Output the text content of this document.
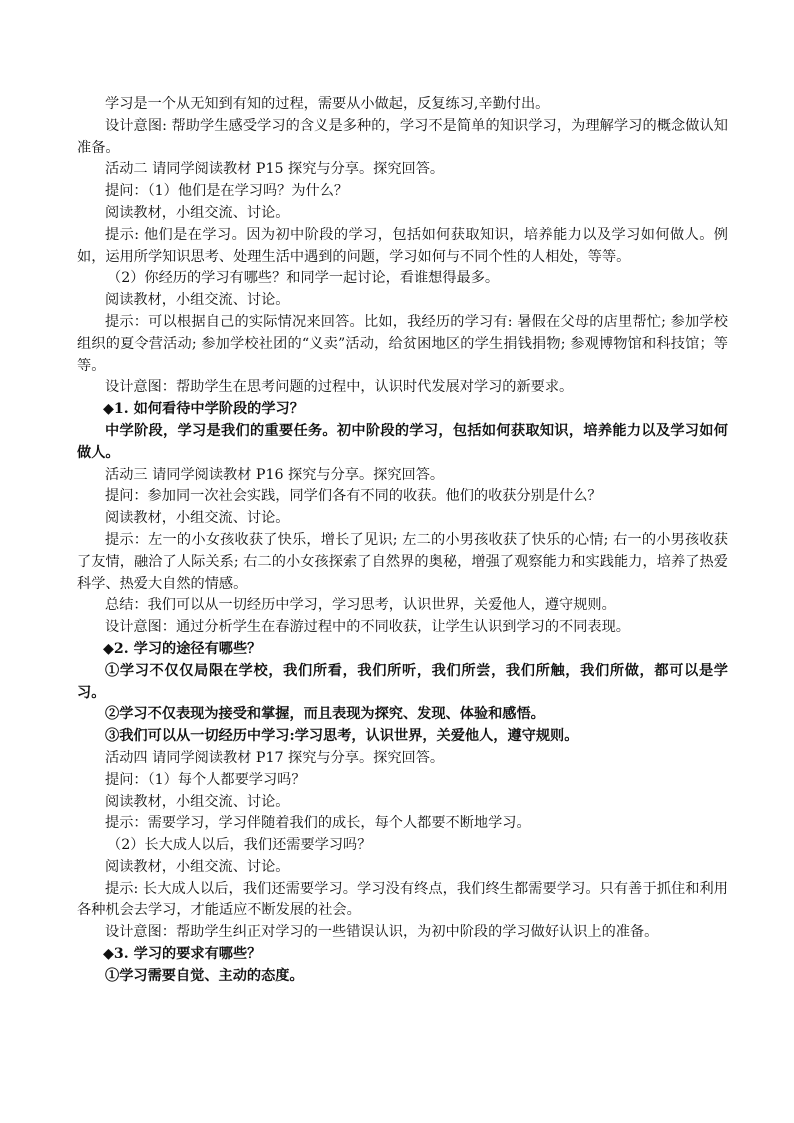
学习是一个从无知到有知的过程，需要从小做起，反复练习,辛勤付出。

设计意图: 帮助学生感受学习的含义是多种的，学习不是简单的知识学习，为理解学习的概念做认知准备。

活动二 请同学阅读教材 P15 探究与分享。探究回答。

提问：（1）他们是在学习吗？为什么？

阅读教材，小组交流、讨论。

提示: 他们是在学习。因为初中阶段的学习，包括如何获取知识，培养能力以及学习如何做人。例如，运用所学知识思考、处理生活中遇到的问题，学习如何与不同个性的人相处，等等。

（2）你经历的学习有哪些？和同学一起讨论，看谁想得最多。

阅读教材，小组交流、讨论。

提示：可以根据自己的实际情况来回答。比如，我经历的学习有: 暑假在父母的店里帮忙; 参加学校组织的夏令营活动; 参加学校社团的“义卖”活动，给贫困地区的学生捐钱捐物; 参观博物馆和科技馆；等等。

设计意图：帮助学生在思考问题的过程中，认识时代发展对学习的新要求。

◆1. 如何看待中学阶段的学习？

中学阶段，学习是我们的重要任务。初中阶段的学习，包括如何获取知识，培养能力以及学习如何做人。

活动三 请同学阅读教材 P16 探究与分享。探究回答。

提问：参加同一次社会实践，同学们各有不同的收获。他们的收获分别是什么？

阅读教材，小组交流、讨论。

提示：左一的小女孩收获了快乐，增长了见识; 左二的小男孩收获了快乐的心情; 右一的小男孩收获了友情，融洽了人际关系; 右二的小女孩探索了自然界的奥秘，增强了观察能力和实践能力，培养了热爱科学、热爱大自然的情感。

总结：我们可以从一切经历中学习，学习思考，认识世界，关爱他人，遵守规则。

设计意图：通过分析学生在春游过程中的不同收获，让学生认识到学习的不同表现。

◆2. 学习的途径有哪些？

①学习不仅仅局限在学校，我们所看，我们所听，我们所尝，我们所触，我们所做，都可以是学习。

②学习不仅表现为接受和掌握，而且表现为探究、发现、体验和感悟。

③我们可以从一切经历中学习:学习思考，认识世界，关爱他人，遵守规则。

活动四 请同学阅读教材 P17 探究与分享。探究回答。

提问：（1）每个人都要学习吗？

阅读教材，小组交流、讨论。

提示：需要学习，学习伴随着我们的成长，每个人都要不断地学习。

（2）长大成人以后，我们还需要学习吗？

阅读教材，小组交流、讨论。

提示: 长大成人以后，我们还需要学习。学习没有终点，我们终生都需要学习。只有善于抓住和利用各种机会去学习，才能适应不断发展的社会。

设计意图：帮助学生纠正对学习的一些错误认识，为初中阶段的学习做好认识上的准备。

◆3. 学习的要求有哪些？

①学习需要自觉、主动的态度。
